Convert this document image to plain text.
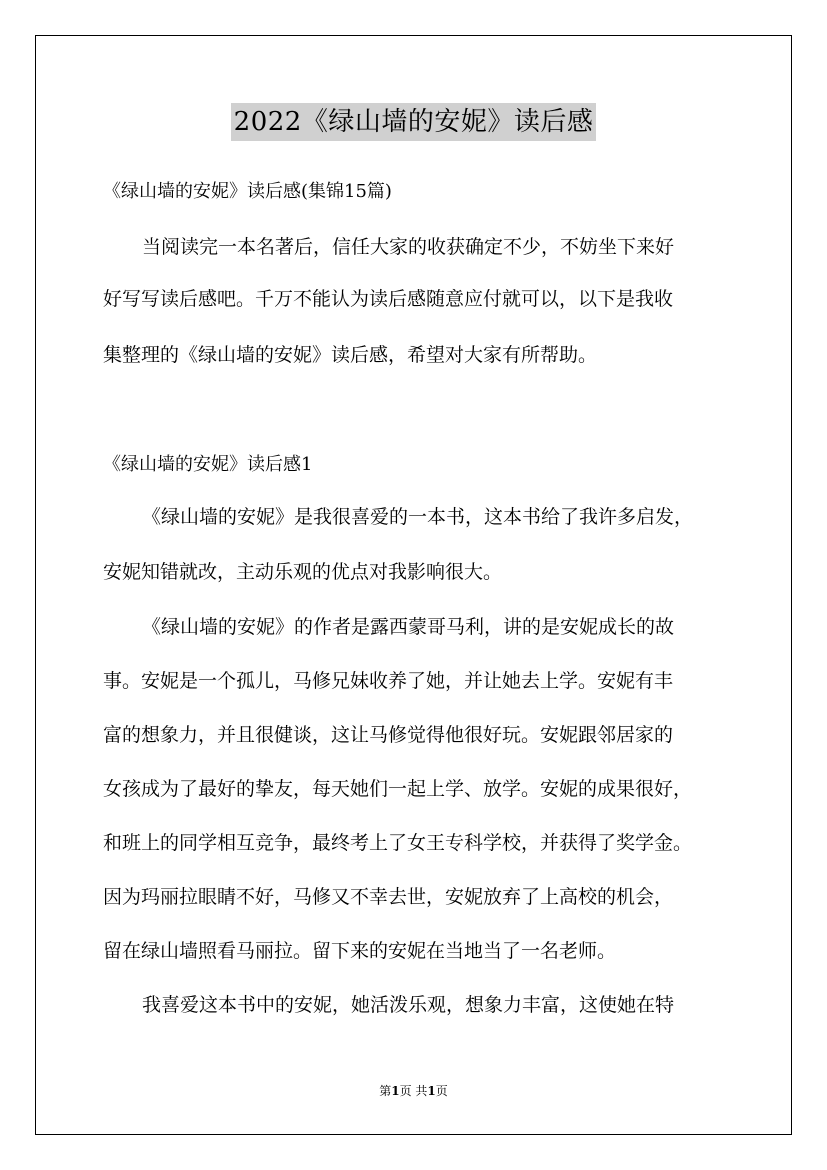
2022《绿山墙的安妮》读后感
《绿山墙的安妮》读后感(集锦15篇)
当阅读完一本名著后，信任大家的收获确定不少，不妨坐下来好
好写写读后感吧。千万不能认为读后感随意应付就可以，以下是我收
集整理的《绿山墙的安妮》读后感，希望对大家有所帮助。
《绿山墙的安妮》读后感1
《绿山墙的安妮》是我很喜爱的一本书，这本书给了我许多启发，
安妮知错就改，主动乐观的优点对我影响很大。
《绿山墙的安妮》的作者是露西蒙哥马利，讲的是安妮成长的故
事。安妮是一个孤儿，马修兄妹收养了她，并让她去上学。安妮有丰
富的想象力，并且很健谈，这让马修觉得他很好玩。安妮跟邻居家的
女孩成为了最好的挚友，每天她们一起上学、放学。安妮的成果很好，
和班上的同学相互竞争，最终考上了女王专科学校，并获得了奖学金。
因为玛丽拉眼睛不好，马修又不幸去世，安妮放弃了上高校的机会，
留在绿山墙照看马丽拉。留下来的安妮在当地当了一名老师。
我喜爱这本书中的安妮，她活泼乐观，想象力丰富，这使她在特
第1页 共1页
